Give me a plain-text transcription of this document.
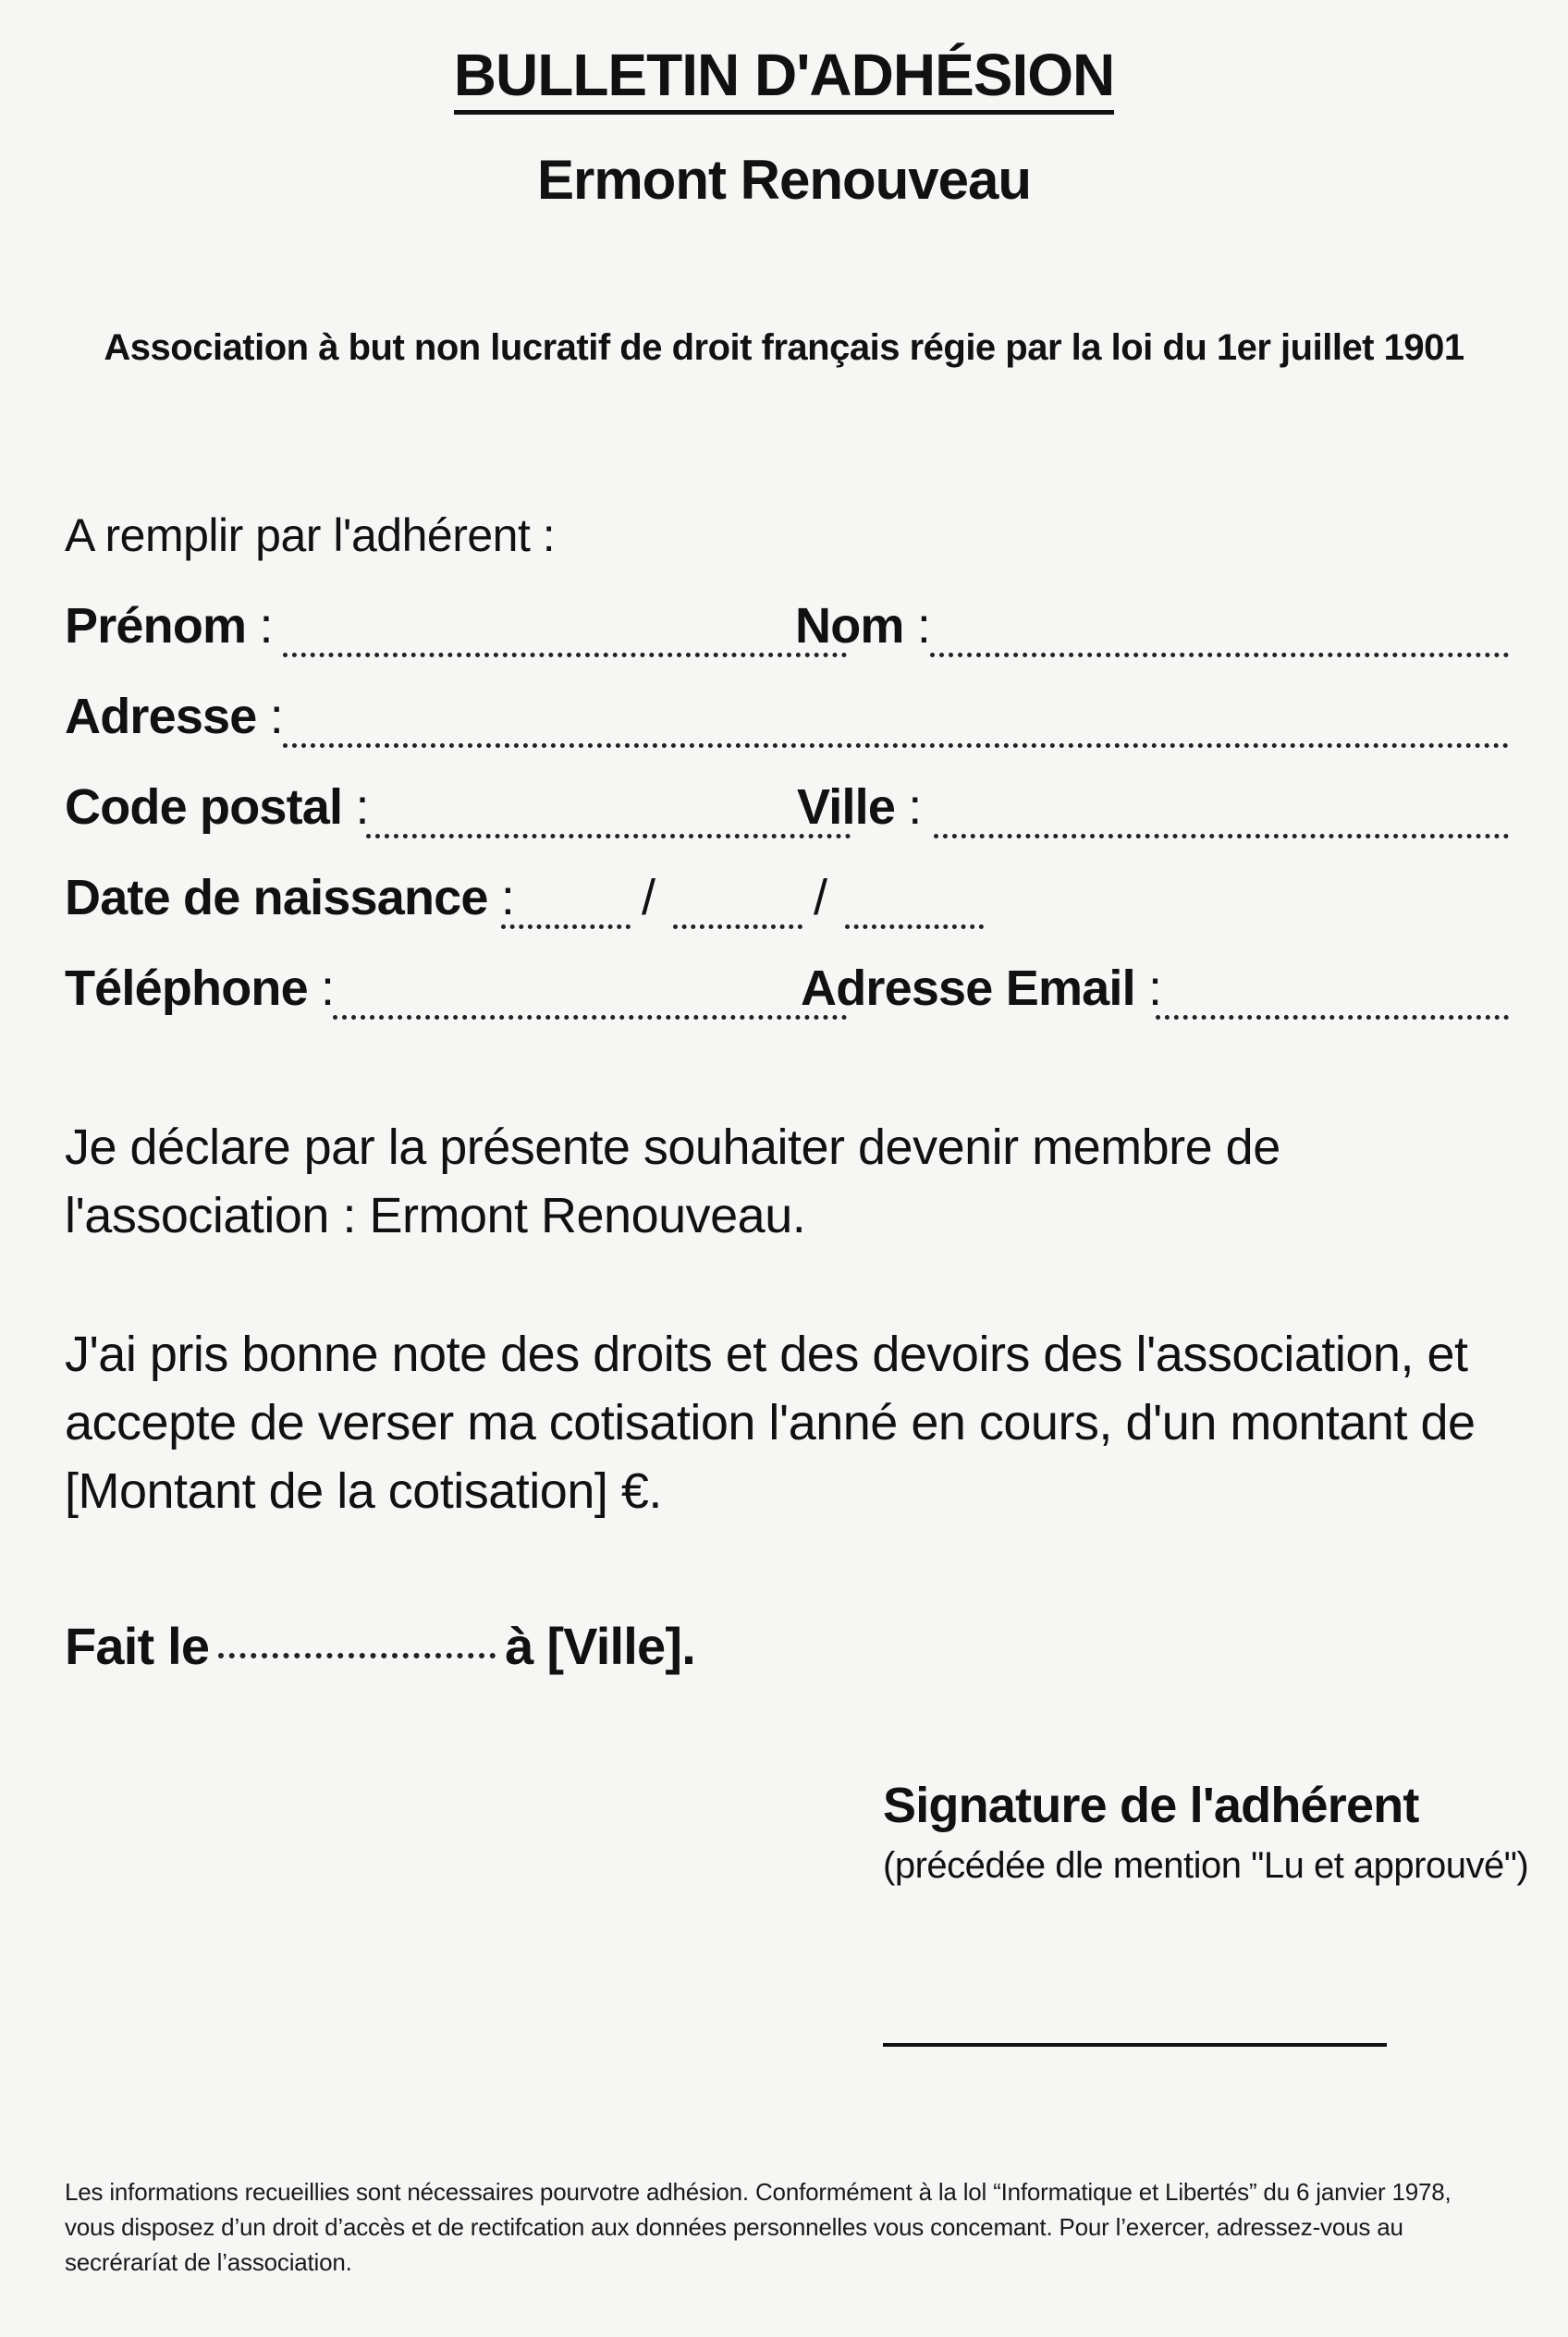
BULLETIN D'ADHÉSION
Ermont Renouveau
Association à but non lucratif de droit français régie par la loi du 1er juillet 1901
A remplir par l'adhérent :
Prénom :	Nom :
Adresse :
Code postal :	Ville :
Date de naissance :	/	/
Téléphone :	Adresse Email :
Je déclare par la présente souhaiter devenir membre de l'association : Ermont Renouveau.
J'ai pris bonne note des droits et des devoirs des l'association, et accepte de verser ma cotisation l'anné en cours, d'un montant de [Montant de la cotisation] €.
Fait le	à [Ville].
Signature de l'adhérent
(précédée dle mention "Lu et approuvé")
Les informations recueillies sont nécessaires pourvotre adhésion. Conformément à la lol “Informatique et Libertés” du 6 janvier 1978, vous disposez d’un droit d’accès et de rectifcation aux données personnelles vous concemant. Pour l’exercer, adressez-vous au secréraríat de l’association.
